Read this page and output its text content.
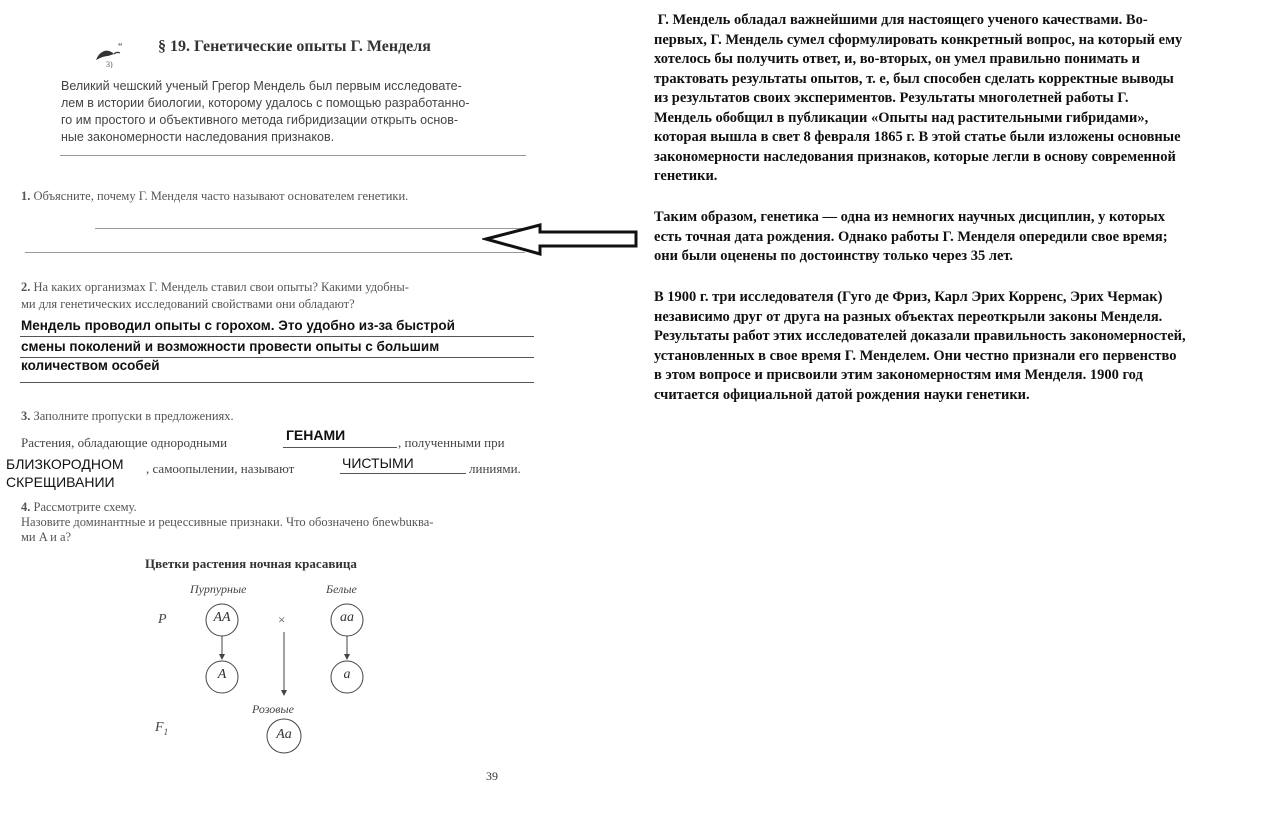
“
3)
§ 19. Генетические опыты Г. Менделя
Великий чешский ученый Грегор Мендель был первым исследовате-
лем в истории биологии, которому удалось с помощью разработанно-
го им простого и объективного метода гибридизации открыть основ-
ные закономерности наследования признаков.
1. Объясните, почему Г. Менделя часто называют основателем генетики.
2. На каких организмах Г. Мендель ставил свои опыты? Какими удобны-
ми для генетических исследований свойствами они обладают?
Мендель проводил опыты с горохом. Это удобно из-за быстрой
смены поколений и возможности провести опыты с большим
количеством особей
3. Заполните пропуски в предложениях.
Растения, обладающие однородными	ГЕНАМИ	, полученными при
БЛИЗКОРОДНОМ
СКРЕЩИВАНИИ
, самоопылении, называют	ЧИСТЫМИ	линиями.
4. Рассмотрите схему.
Назовите доминантные и рецессивные признаки. Что обозначено бnewbuква-
ми A и a?
Цветки растения ночная красавица
Пурпурные	Белые
P
$F_1$
AA	aa
×
A	a
Розовые
Aa
39
Г. Мендель обладал важнейшими для настоящего ученого качествами. Во-
первых, Г. Мендель сумел сформулировать конкретный вопрос, на который ему
хотелось бы получить ответ, и, во-вторых, он умел правильно понимать и
трактовать результаты опытов, т. е, был способен сделать корректные выводы
из результатов своих экспериментов. Результаты многолетней работы Г.
Мендель обобщил в публикации «Опыты над растительными гибридами»,
которая вышла в свет 8 февраля 1865 г. В этой статье были изложены основные
закономерности наследования признаков, которые легли в основу современной
генетики.
Таким образом, генетика — одна из немногих научных дисциплин, у которых
есть точная дата рождения. Однако работы Г. Менделя опередили свое время;
они были оценены по достоинству только через 35 лет.
В 1900 г. три исследователя (Гуго де Фриз, Карл Эрих Корренс, Эрих Чермак)
независимо друг от друга на разных объектах переоткрыли законы Менделя.
Результаты работ этих исследователей доказали правильность закономерностей,
установленных в свое время Г. Менделем. Они честно признали его первенство
в этом вопросе и присвоили этим закономерностям имя Менделя. 1900 год
считается официальной датой рождения науки генетики.
